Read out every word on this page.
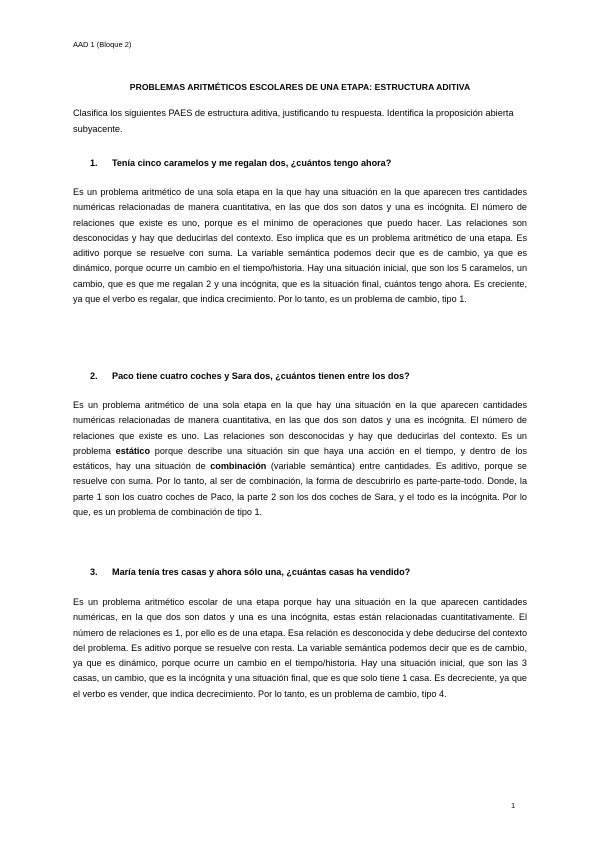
AAD 1 (Bloque 2)
PROBLEMAS ARITMÉTICOS ESCOLARES DE UNA ETAPA: ESTRUCTURA ADITIVA

Clasifica los siguientes PAES de estructura aditiva, justificando tu respuesta. Identifica la proposición abierta subyacente.

1. Tenía cinco caramelos y me regalan dos, ¿cuántos tengo ahora?

Es un problema aritmético de una sola etapa en la que hay una situación en la que aparecen tres cantidades numéricas relacionadas de manera cuantitativa, en las que dos son datos y una es incógnita. El número de relaciones que existe es uno, porque es el mínimo de operaciones que puedo hacer. Las relaciones son desconocidas y hay que deducirlas del contexto. Eso implica que es un problema aritmético de una etapa. Es aditivo porque se resuelve con suma. La variable semántica podemos decir que es de cambio, ya que es dinámico, porque ocurre un cambio en el tiempo/historia. Hay una situación inicial, que son los 5 caramelos, un cambio, que es que me regalan 2 y una incógnita, que es la situación final, cuántos tengo ahora. Es creciente, ya que el verbo es regalar, que indica crecimiento. Por lo tanto, es un problema de cambio, tipo 1.

2. Paco tiene cuatro coches y Sara dos, ¿cuántos tienen entre los dos?

Es un problema aritmético de una sola etapa en la que hay una situación en la que aparecen cantidades numéricas relacionadas de manera cuantitativa, en las que dos son datos y una es incógnita. El número de relaciones que existe es uno. Las relaciones son desconocidas y hay que deducirlas del contexto. Es un problema estático porque describe una situación sin que haya una acción en el tiempo, y dentro de los estáticos, hay una situación de combinación (variable semántica) entre cantidades. Es aditivo, porque se resuelve con suma. Por lo tanto, al ser de combinación, la forma de descubrirlo es parte-parte-todo. Donde, la parte 1 son los cuatro coches de Paco, la parte 2 son los dos coches de Sara, y el todo es la incógnita. Por lo que, es un problema de combinación de tipo 1.

3. María tenía tres casas y ahora sólo una, ¿cuántas casas ha vendido?

Es un problema aritmético escolar de una etapa porque hay una situación en la que aparecen cantidades numéricas, en la que dos son datos y una es una incógnita, estas están relacionadas cuantitativamente. El número de relaciones es 1, por ello es de una etapa. Esa relación es desconocida y debe deducirse del contexto del problema. Es aditivo porque se resuelve con resta. La variable semántica podemos decir que es de cambio, ya que es dinámico, porque ocurre un cambio en el tiempo/historia. Hay una situación inicial, que son las 3 casas, un cambio, que es la incógnita y una situación final, que es que solo tiene 1 casa. Es decreciente, ya que el verbo es vender, que indica decrecimiento. Por lo tanto, es un problema de cambio, tipo 4.

1
